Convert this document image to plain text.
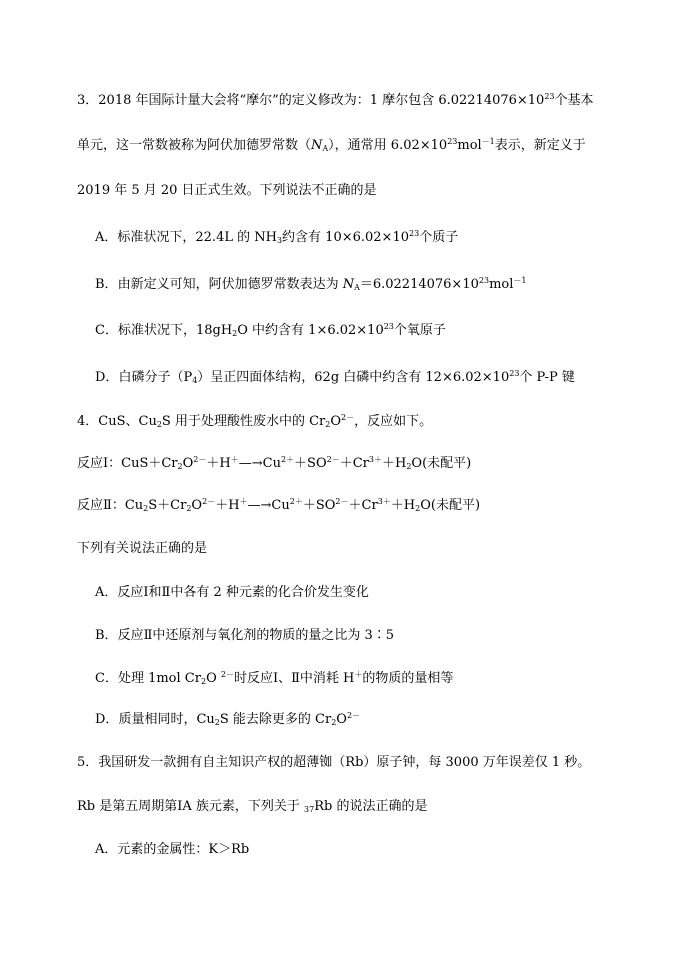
3．2018 年国际计量大会将“摩尔”的定义修改为：1 摩尔包含 $6.02214076\times 10^{23}$个基本
单元，这一常数被称为阿伏加德罗常数$(N_A)$，通常用 $6.02\times 10^{23}mol^{-1}$表示，新定义于
2019 年 5 月 20 日正式生效。下列说法不正确的是
A．标准状况下，22.4L 的 $NH_3$约含有 $10\times 6.02\times 10^{23}$个质子
B．由新定义可知，阿伏加德罗常数表达为 $N_A=6.02214076\times 10^{23}mol^{-1}$
C．标准状况下，$18gH_2O$ 中约含有 $1\times 6.02\times 10^{23}$个氧原子
D．白磷分子$(P_4)$呈正四面体结构，62g 白磷中约含有 $12\times 6.02\times 10^{23}$个 P-P 键
4．CuS、$Cu_2S$ 用于处理酸性废水中的 $Cr_2O^{2-}$，反应如下。
反应Ⅰ：$CuS+Cr_2O^{2-}+H^+—\to Cu^{2+}+SO^{2-}+Cr^{3+}+H_2O$(未配平)
反应Ⅱ：$Cu_2S+Cr_2O^{2-}+H^+—\to Cu^{2+}+SO^{2-}+Cr^{3+}+H_2O$(未配平)
下列有关说法正确的是
A．反应Ⅰ和Ⅱ中各有 2 种元素的化合价发生变化
B．反应Ⅱ中还原剂与氧化剂的物质的量之比为 3∶5
C．处理 1mol $Cr_2O$ $^{2-}$时反应Ⅰ、Ⅱ中消耗 H＋的物质的量相等
D．质量相同时，$Cu_2S$ 能去除更多的 $Cr_2O^{2-}$
5．我国研发一款拥有自主知识产权的超薄铷（Rb）原子钟，每 3000 万年误差仅 1 秒。
Rb 是第五周期第ⅠA 族元素，下列关于 $_{37}$Rb 的说法正确的是
A．元素的金属性：K＞Rb
